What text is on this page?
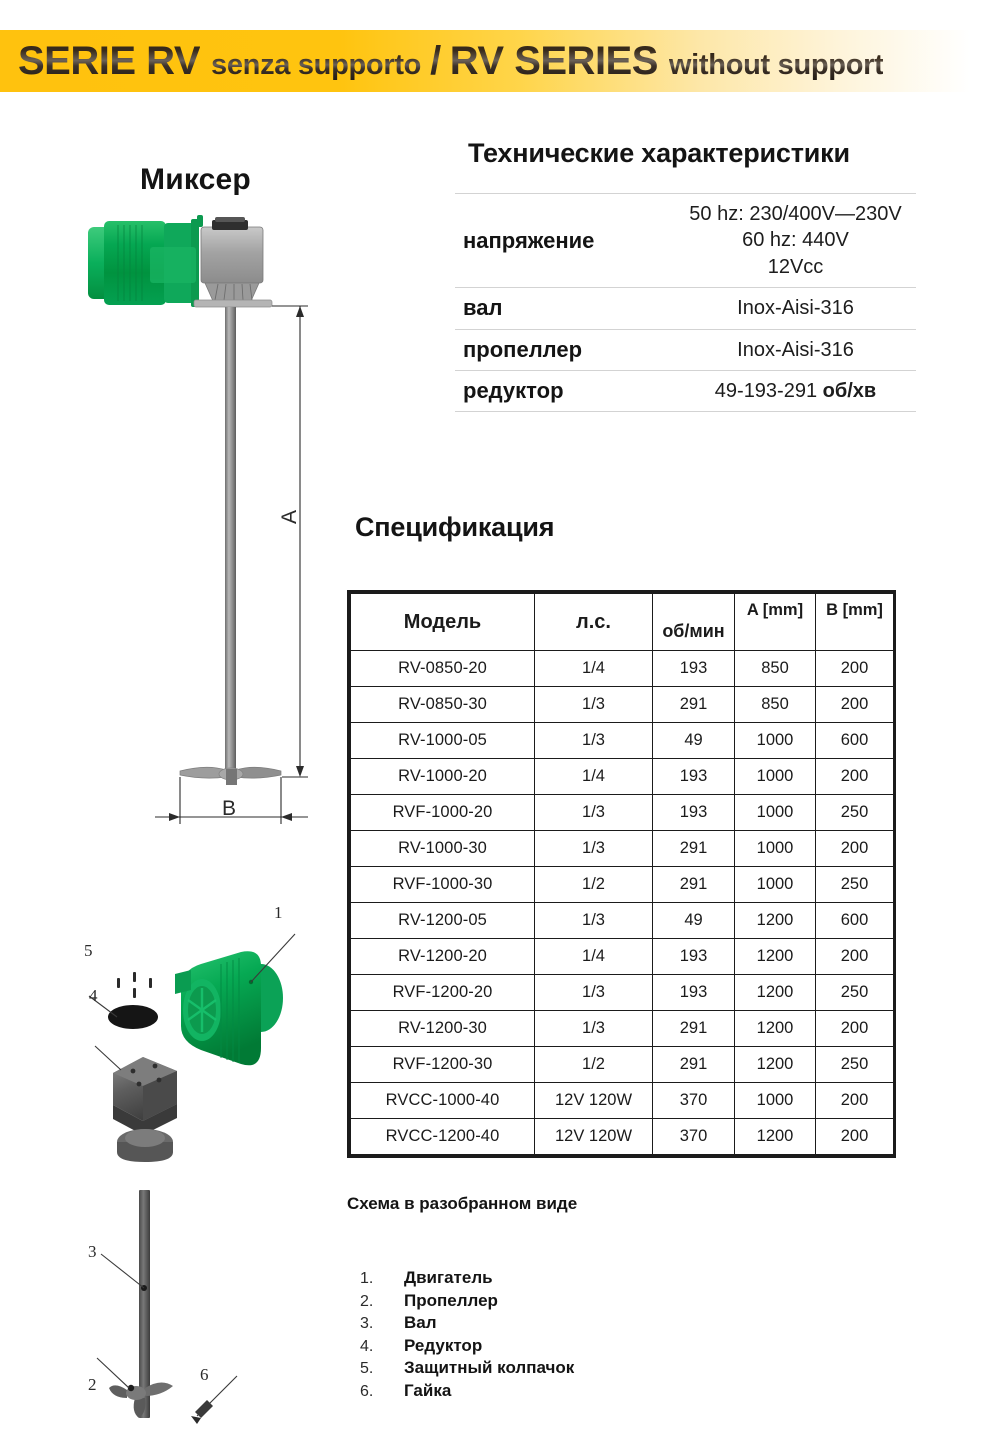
SERIE RV senza supporto / RV SERIES without support
Миксер
A
B
1
2
3
4
5
6
Технические характеристики
напряжение	50 hz: 230/400V—230V
60 hz: 440V
12Vcc

вал	Inox-Aisi-316
пропеллер	Inox-Aisi-316
редуктор	49-193-291 об/хв
Спецификация
Модель	л.с.	об/мин	A [mm]	B [mm]
RV-0850-20	1/4	193	850	200
RV-0850-30	1/3	291	850	200
RV-1000-05	1/3	49	1000	600
RV-1000-20	1/4	193	1000	200
RVF-1000-20	1/3	193	1000	250
RV-1000-30	1/3	291	1000	200
RVF-1000-30	1/2	291	1000	250
RV-1200-05	1/3	49	1200	600
RV-1200-20	1/4	193	1200	200
RVF-1200-20	1/3	193	1200	250
RV-1200-30	1/3	291	1200	200
RVF-1200-30	1/2	291	1200	250
RVCC-1000-40	12V 120W	370	1000	200
RVCC-1200-40	12V 120W	370	1200	200
Схема в разобранном виде
1.	Двигатель
2.	Пропеллер
3.	Вал
4.	Редуктор
5.	Защитный колпачок
6.	Гайка
